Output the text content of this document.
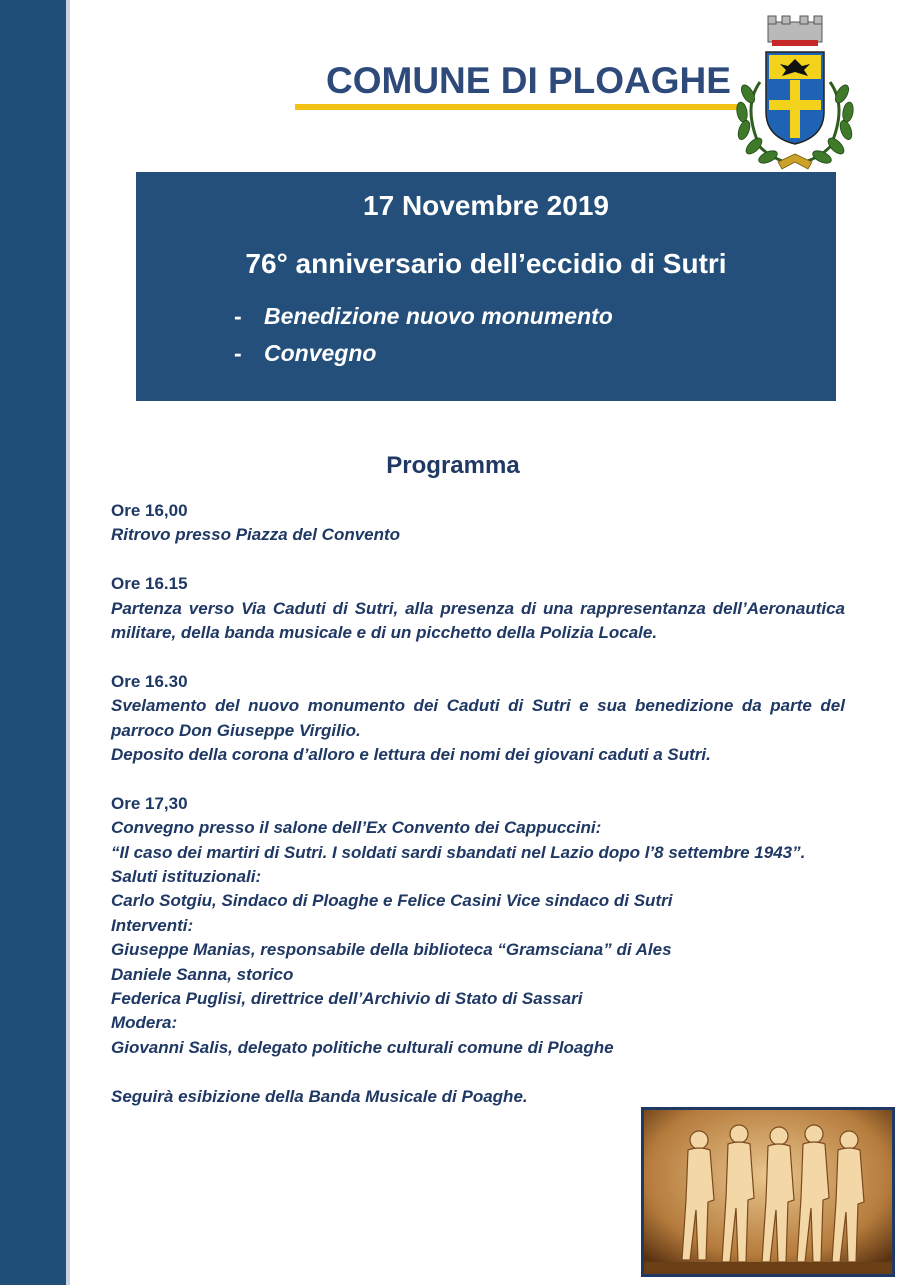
COMUNE DI PLOAGHE
17 Novembre 2019
76° anniversario dell’eccidio di Sutri
- Benedizione nuovo monumento
- Convegno
Programma
Ore 16,00
Ritrovo presso Piazza del Convento
Ore 16.15
Partenza verso Via Caduti di Sutri, alla presenza di una rappresentanza dell’Aeronautica militare, della banda musicale e di un picchetto della Polizia Locale.
Ore 16.30
Svelamento del nuovo monumento dei Caduti di Sutri e sua benedizione da parte del parroco Don Giuseppe Virgilio.
Deposito della corona d’alloro e lettura dei nomi dei giovani caduti a Sutri.
Ore 17,30
Convegno presso il salone dell’Ex Convento dei Cappuccini:
“Il caso dei martiri di Sutri. I soldati sardi sbandati nel Lazio dopo l’8 settembre 1943”.
Saluti istituzionali:
Carlo Sotgiu, Sindaco di Ploaghe e Felice Casini Vice sindaco di Sutri
Interventi:
Giuseppe Manias, responsabile della biblioteca “Gramsciana” di Ales
Daniele Sanna, storico
Federica Puglisi, direttrice dell’Archivio di Stato di Sassari
Modera:
Giovanni Salis, delegato politiche culturali comune di Ploaghe
Seguirà esibizione della Banda Musicale di Poaghe.
